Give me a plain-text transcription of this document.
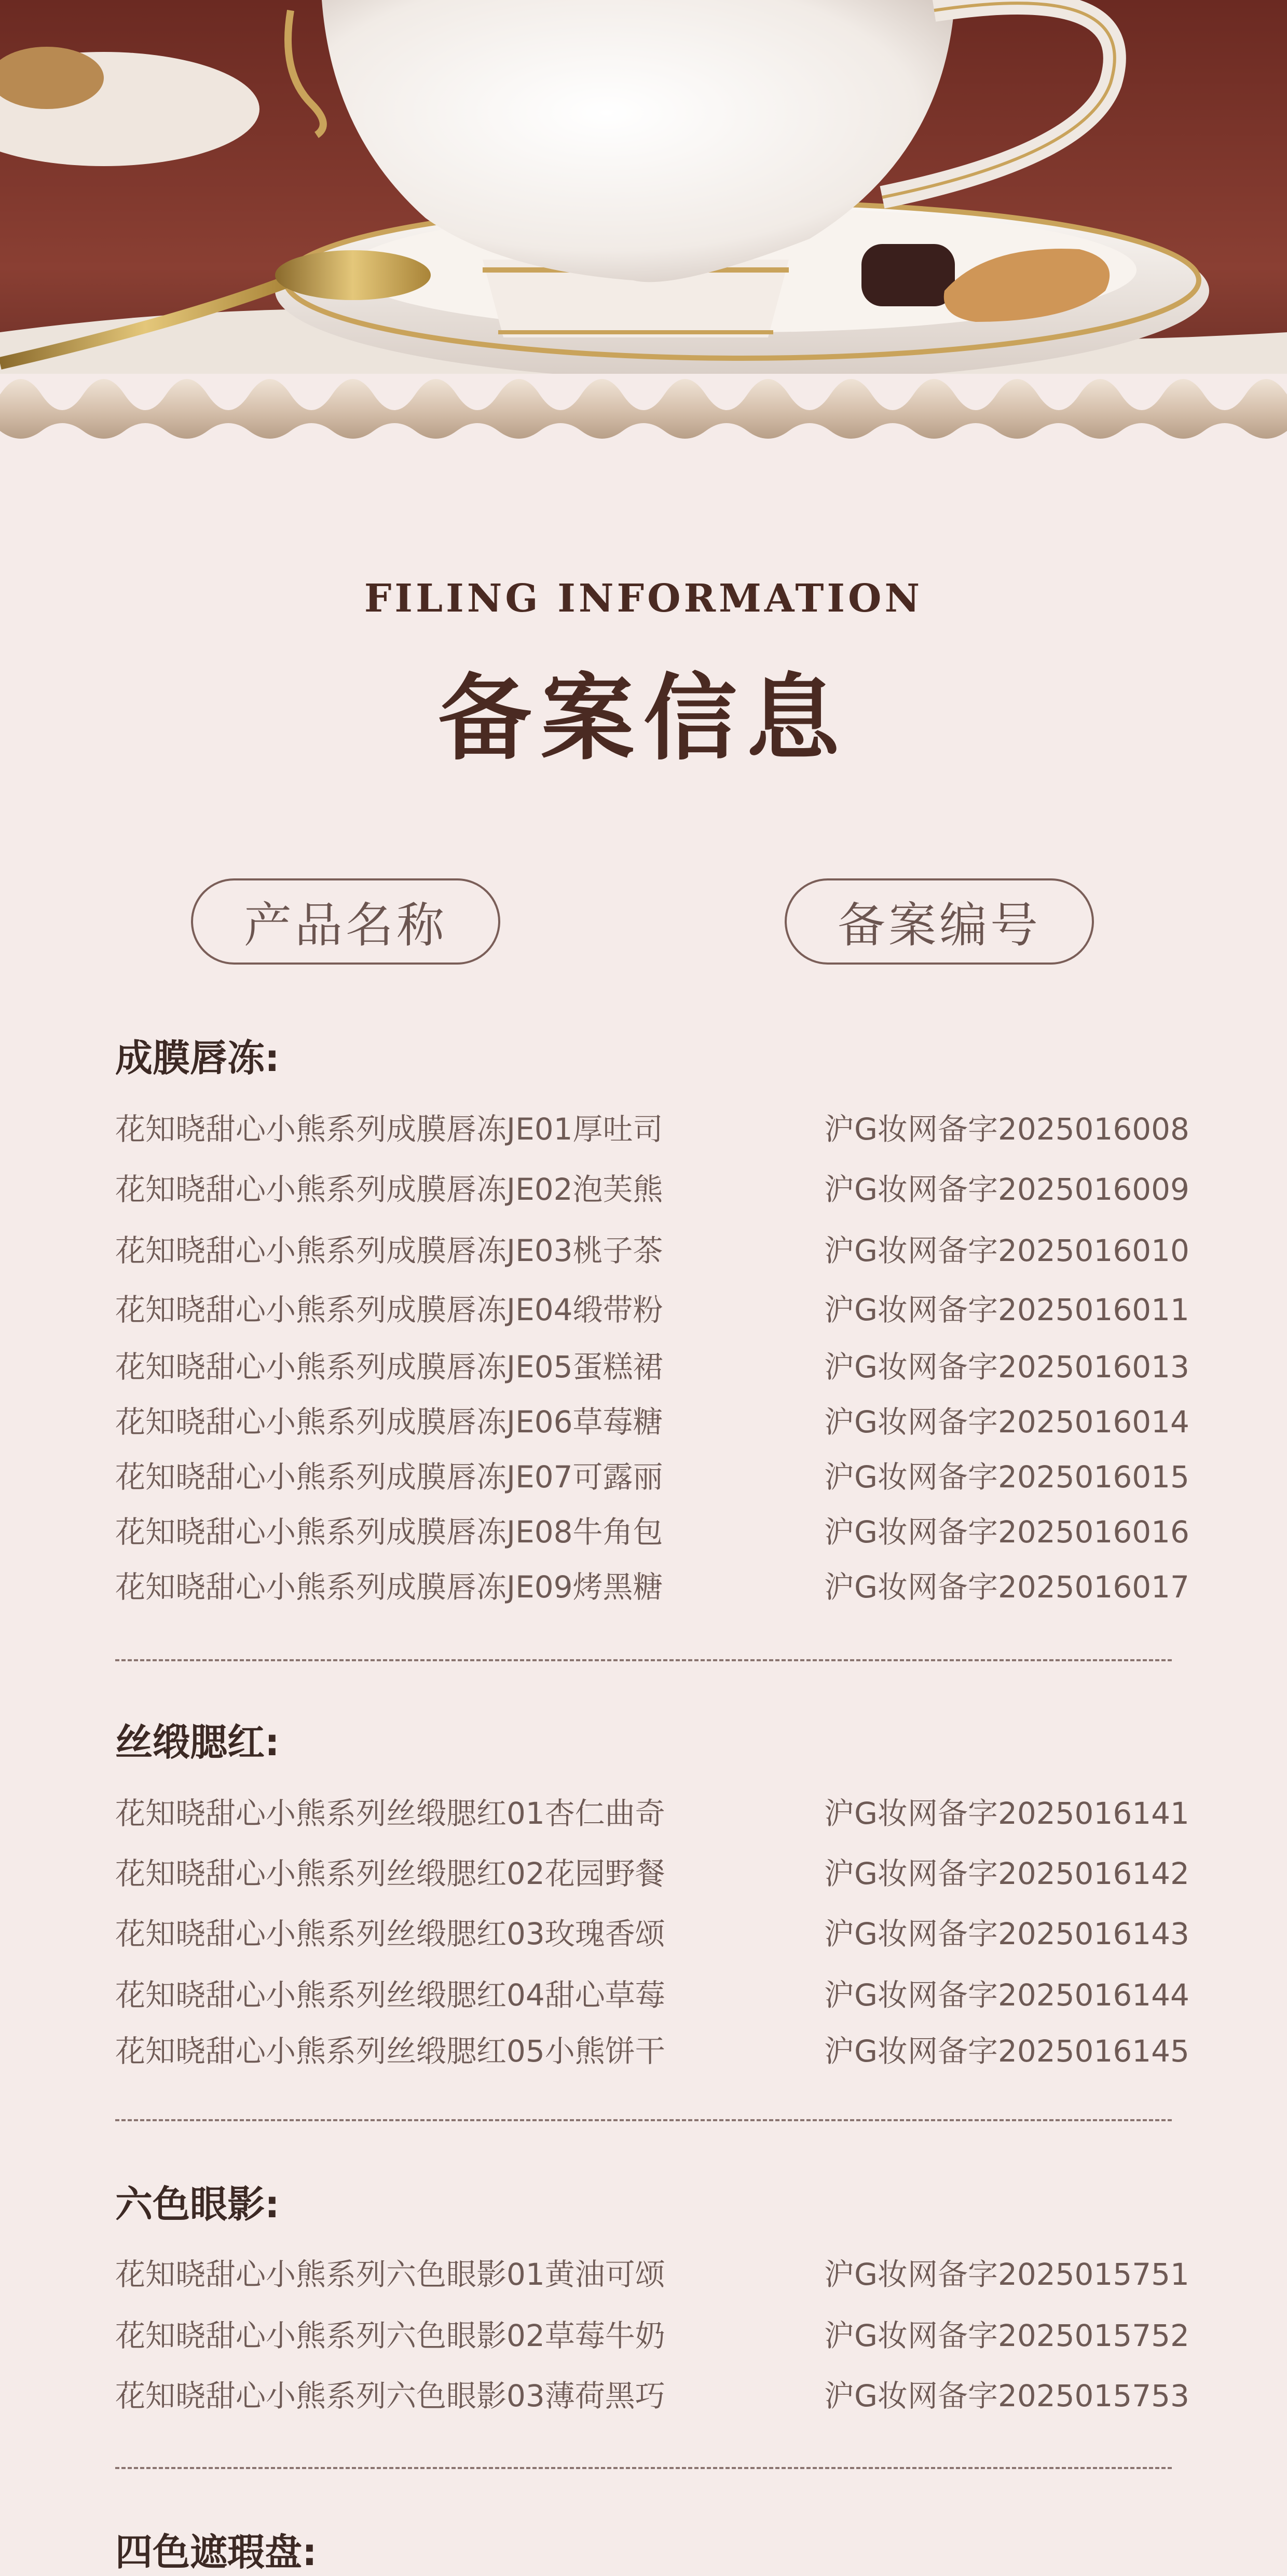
FILING INFORMATION
备案信息
产品名称	备案编号
成膜唇冻:
花知晓甜心小熊系列成膜唇冻JE01厚吐司	沪G妆网备字2025016008
花知晓甜心小熊系列成膜唇冻JE02泡芙熊	沪G妆网备字2025016009
花知晓甜心小熊系列成膜唇冻JE03桃子茶	沪G妆网备字2025016010
花知晓甜心小熊系列成膜唇冻JE04缎带粉	沪G妆网备字2025016011
花知晓甜心小熊系列成膜唇冻JE05蛋糕裙	沪G妆网备字2025016013
花知晓甜心小熊系列成膜唇冻JE06草莓糖	沪G妆网备字2025016014
花知晓甜心小熊系列成膜唇冻JE07可露丽	沪G妆网备字2025016015
花知晓甜心小熊系列成膜唇冻JE08牛角包	沪G妆网备字2025016016
花知晓甜心小熊系列成膜唇冻JE09烤黑糖	沪G妆网备字2025016017
丝缎腮红:
花知晓甜心小熊系列丝缎腮红01杏仁曲奇	沪G妆网备字2025016141
花知晓甜心小熊系列丝缎腮红02花园野餐	沪G妆网备字2025016142
花知晓甜心小熊系列丝缎腮红03玫瑰香颂	沪G妆网备字2025016143
花知晓甜心小熊系列丝缎腮红04甜心草莓	沪G妆网备字2025016144
花知晓甜心小熊系列丝缎腮红05小熊饼干	沪G妆网备字2025016145
六色眼影:
花知晓甜心小熊系列六色眼影01黄油可颂	沪G妆网备字2025015751
花知晓甜心小熊系列六色眼影02草莓牛奶	沪G妆网备字2025015752
花知晓甜心小熊系列六色眼影03薄荷黑巧	沪G妆网备字2025015753
四色遮瑕盘:
